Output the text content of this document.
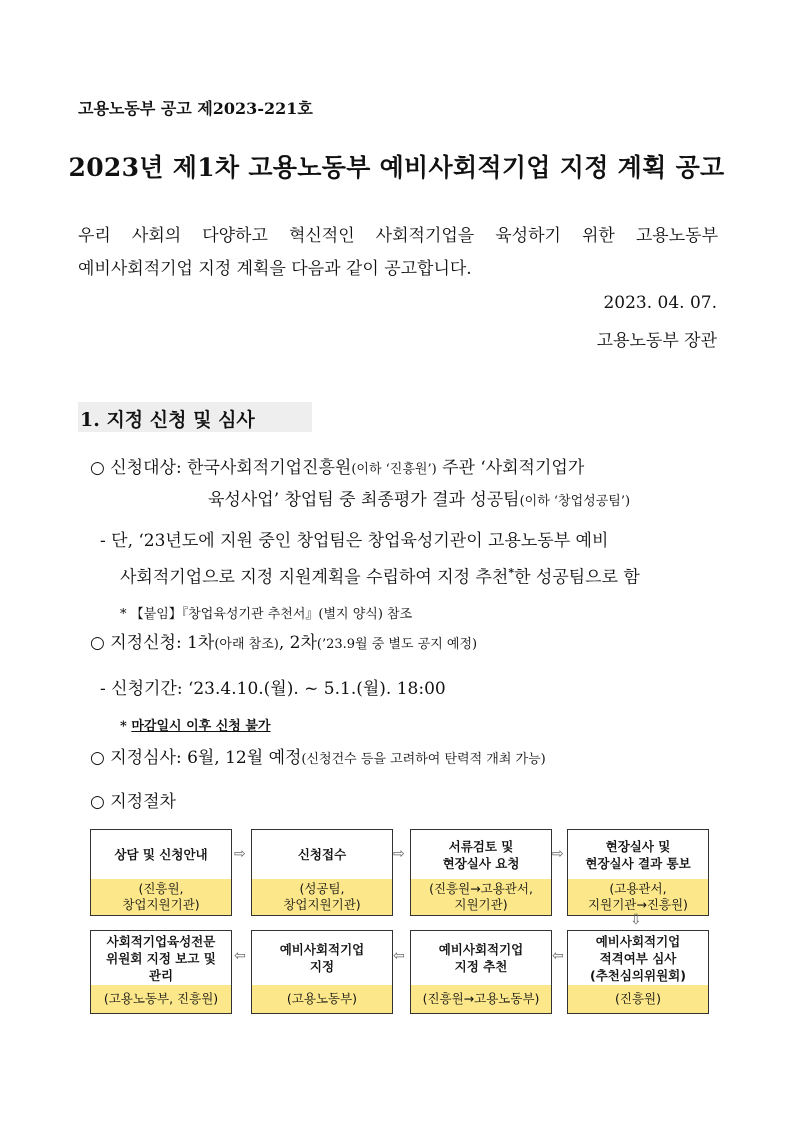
고용노동부 공고 제2023-221호
2023년 제1차 고용노동부 예비사회적기업 지정 계획 공고
우리 사회의 다양하고 혁신적인 사회적기업을 육성하기 위한 고용노동부
예비사회적기업 지정 계획을 다음과 같이 공고합니다.
2023. 04. 07.
고용노동부 장관
1. 지정 신청 및 심사
○ 신청대상: 한국사회적기업진흥원(이하 ‘진흥원’) 주관 ‘사회적기업가
육성사업’ 창업팀 중 최종평가 결과 성공팀(이하 ‘창업성공팀’)
- 단, ‘23년도에 지원 중인 창업팀은 창업육성기관이 고용노동부 예비
사회적기업으로 지정 지원계획을 수립하여 지정 추천*한 성공팀으로 함
* 【붙임】『창업육성기관 추천서』(별지 양식) 참조
○ 지정신청: 1차(아래 참조), 2차(’23.9월 중 별도 공지 예정)
- 신청기간: ‘23.4.10.(월). ~ 5.1.(월). 18:00
* 마감일시 이후 신청 불가
○ 지정심사: 6월, 12월 예정(신청건수 등을 고려하여 탄력적 개최 가능)
○ 지정절차
상담 및 신청안내
(진흥원,
창업지원기관)
⇨	신청접수
(성공팀,
창업지원기관)
⇨	서류검토 및
현장실사 요청
(진흥원→고용관서,
지원기관)
⇨	현장실사 및
현장실사 결과 통보
(고용관서,
지원기관→진흥원)
⇩
사회적기업육성전문
위원회 지정 보고 및
관리
(고용노동부, 진흥원)
⇦	예비사회적기업
지정
(고용노동부)
⇦	예비사회적기업
지정 추천
(진흥원→고용노동부)
⇦
예비사회적기업
적격여부 심사
(추천심의위원회)
(진흥원)
